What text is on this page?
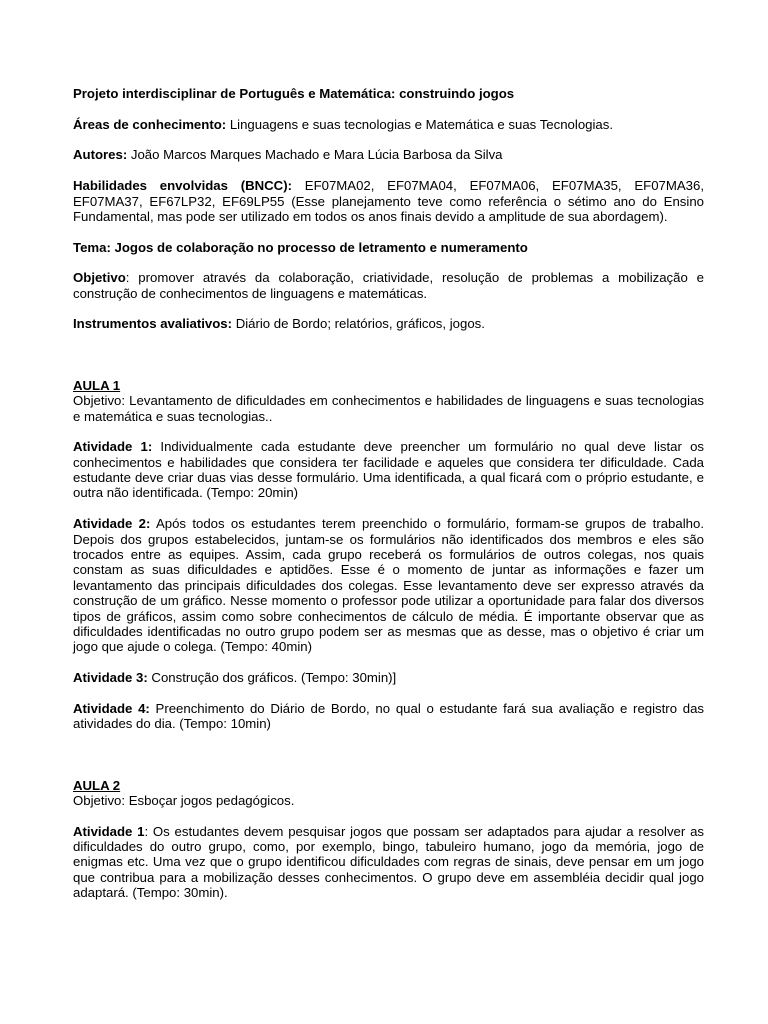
Projeto interdisciplinar de Português e Matemática: construindo jogos

Áreas de conhecimento: Linguagens e suas tecnologias e Matemática e suas Tecnologias.

Autores: João Marcos Marques Machado e Mara Lúcia Barbosa da Silva

Habilidades envolvidas (BNCC): EF07MA02, EF07MA04, EF07MA06, EF07MA35, EF07MA36, EF07MA37, EF67LP32, EF69LP55 (Esse planejamento teve como referência o sétimo ano do Ensino Fundamental, mas pode ser utilizado em todos os anos finais devido a amplitude de sua abordagem).

Tema: Jogos de colaboração no processo de letramento e numeramento

Objetivo: promover através da colaboração, criatividade, resolução de problemas a mobilização e construção de conhecimentos de linguagens e matemáticas.

Instrumentos avaliativos: Diário de Bordo; relatórios, gráficos, jogos.

AULA 1

Objetivo: Levantamento de dificuldades em conhecimentos e habilidades de linguagens e suas tecnologias e matemática e suas tecnologias..

Atividade 1: Individualmente cada estudante deve preencher um formulário no qual deve listar os conhecimentos e habilidades que considera ter facilidade e aqueles que considera ter dificuldade. Cada estudante deve criar duas vias desse formulário. Uma identificada, a qual ficará com o próprio estudante, e outra não identificada. (Tempo: 20min)

Atividade 2: Após todos os estudantes terem preenchido o formulário, formam-se grupos de trabalho. Depois dos grupos estabelecidos, juntam-se os formulários não identificados dos membros e eles são trocados entre as equipes. Assim, cada grupo receberá os formulários de outros colegas, nos quais constam as suas dificuldades e aptidões. Esse é o momento de juntar as informações e fazer um levantamento das principais dificuldades dos colegas. Esse levantamento deve ser expresso através da construção de um gráfico. Nesse momento o professor pode utilizar a oportunidade para falar dos diversos tipos de gráficos, assim como sobre conhecimentos de cálculo de média. É importante observar que as dificuldades identificadas no outro grupo podem ser as mesmas que as desse, mas o objetivo é criar um jogo que ajude o colega. (Tempo: 40min)

Atividade 3: Construção dos gráficos. (Tempo: 30min)]

Atividade 4: Preenchimento do Diário de Bordo, no qual o estudante fará sua avaliação e registro das atividades do dia. (Tempo: 10min)

AULA 2

Objetivo: Esboçar jogos pedagógicos.

Atividade 1: Os estudantes devem pesquisar jogos que possam ser adaptados para ajudar a resolver as dificuldades do outro grupo, como, por exemplo, bingo, tabuleiro humano, jogo da memória, jogo de enigmas etc. Uma vez que o grupo identificou dificuldades com regras de sinais, deve pensar em um jogo que contribua para a mobilização desses conhecimentos. O grupo deve em assembléia decidir qual jogo adaptará. (Tempo: 30min).
